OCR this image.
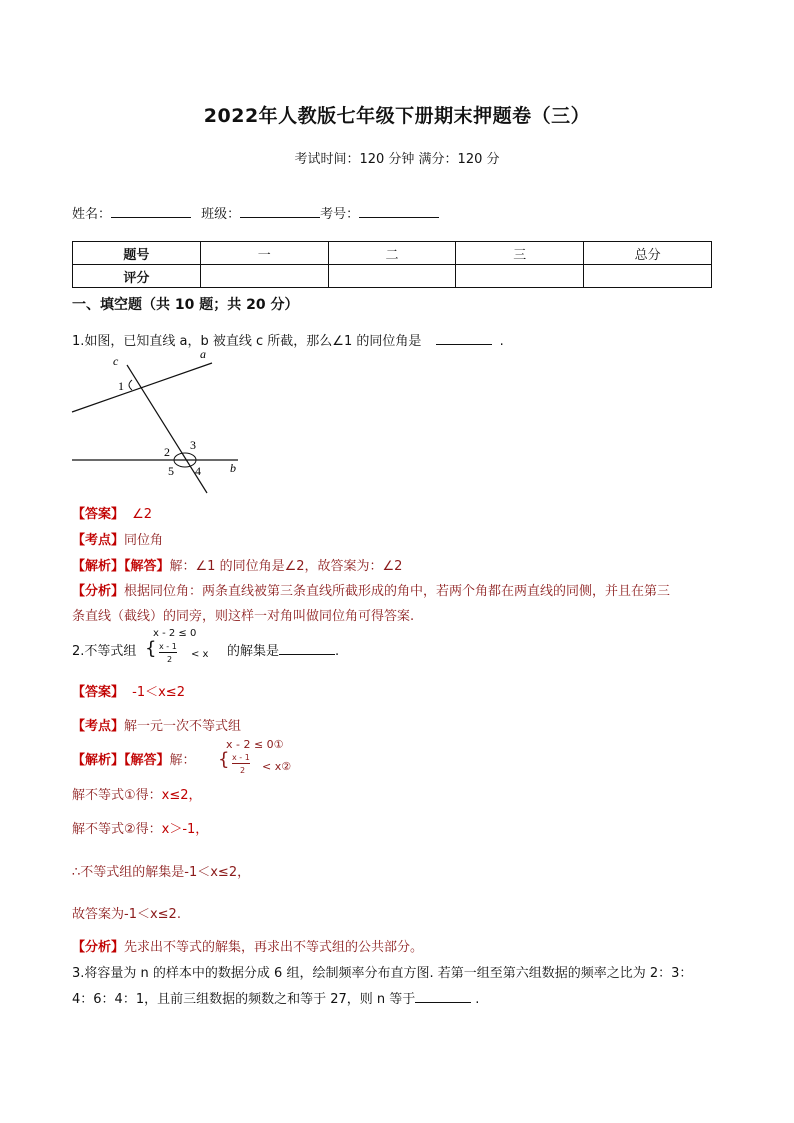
2022年人教版七年级下册期末押题卷（三）
考试时间：120 分钟 满分：120 分
姓名：	班级：	考号：
题号	一	二	三	总分
评分				
一、填空题（共 10 题；共 20 分）
1.如图，已知直线 a，b 被直线 c 所截，那么∠1 的同位角是	.
c	a
b
1
2 3
4
5
【答案】 ∠2
【考点】同位角
【解析】【解答】解：∠1 的同位角是∠2，故答案为：∠2
【分析】根据同位角：两条直线被第三条直线所截形成的角中，若两个角都在两直线的同侧，并且在第三
条直线（截线）的同旁，则这样一对角叫做同位角可得答案.
2.不等式组 {
x - 2 ≤ 0
x - 1
2 < x 的解集是	.
【答案】 -1＜x≤2
【考点】解一元一次不等式组
【解析】【解答】解： {
x - 2 ≤ 0①
x - 1
2 < x②
解不等式①得：x≤2，
解不等式②得：x＞-1，
∴不等式组的解集是-1＜x≤2，
故答案为-1＜x≤2.
【分析】先求出不等式的解集，再求出不等式组的公共部分。
3.将容量为 n 的样本中的数据分成 6 组，绘制频率分布直方图. 若第一组至第六组数据的频率之比为 2：3：
4：6：4：1，且前三组数据的频数之和等于 27，则 n 等于	.
